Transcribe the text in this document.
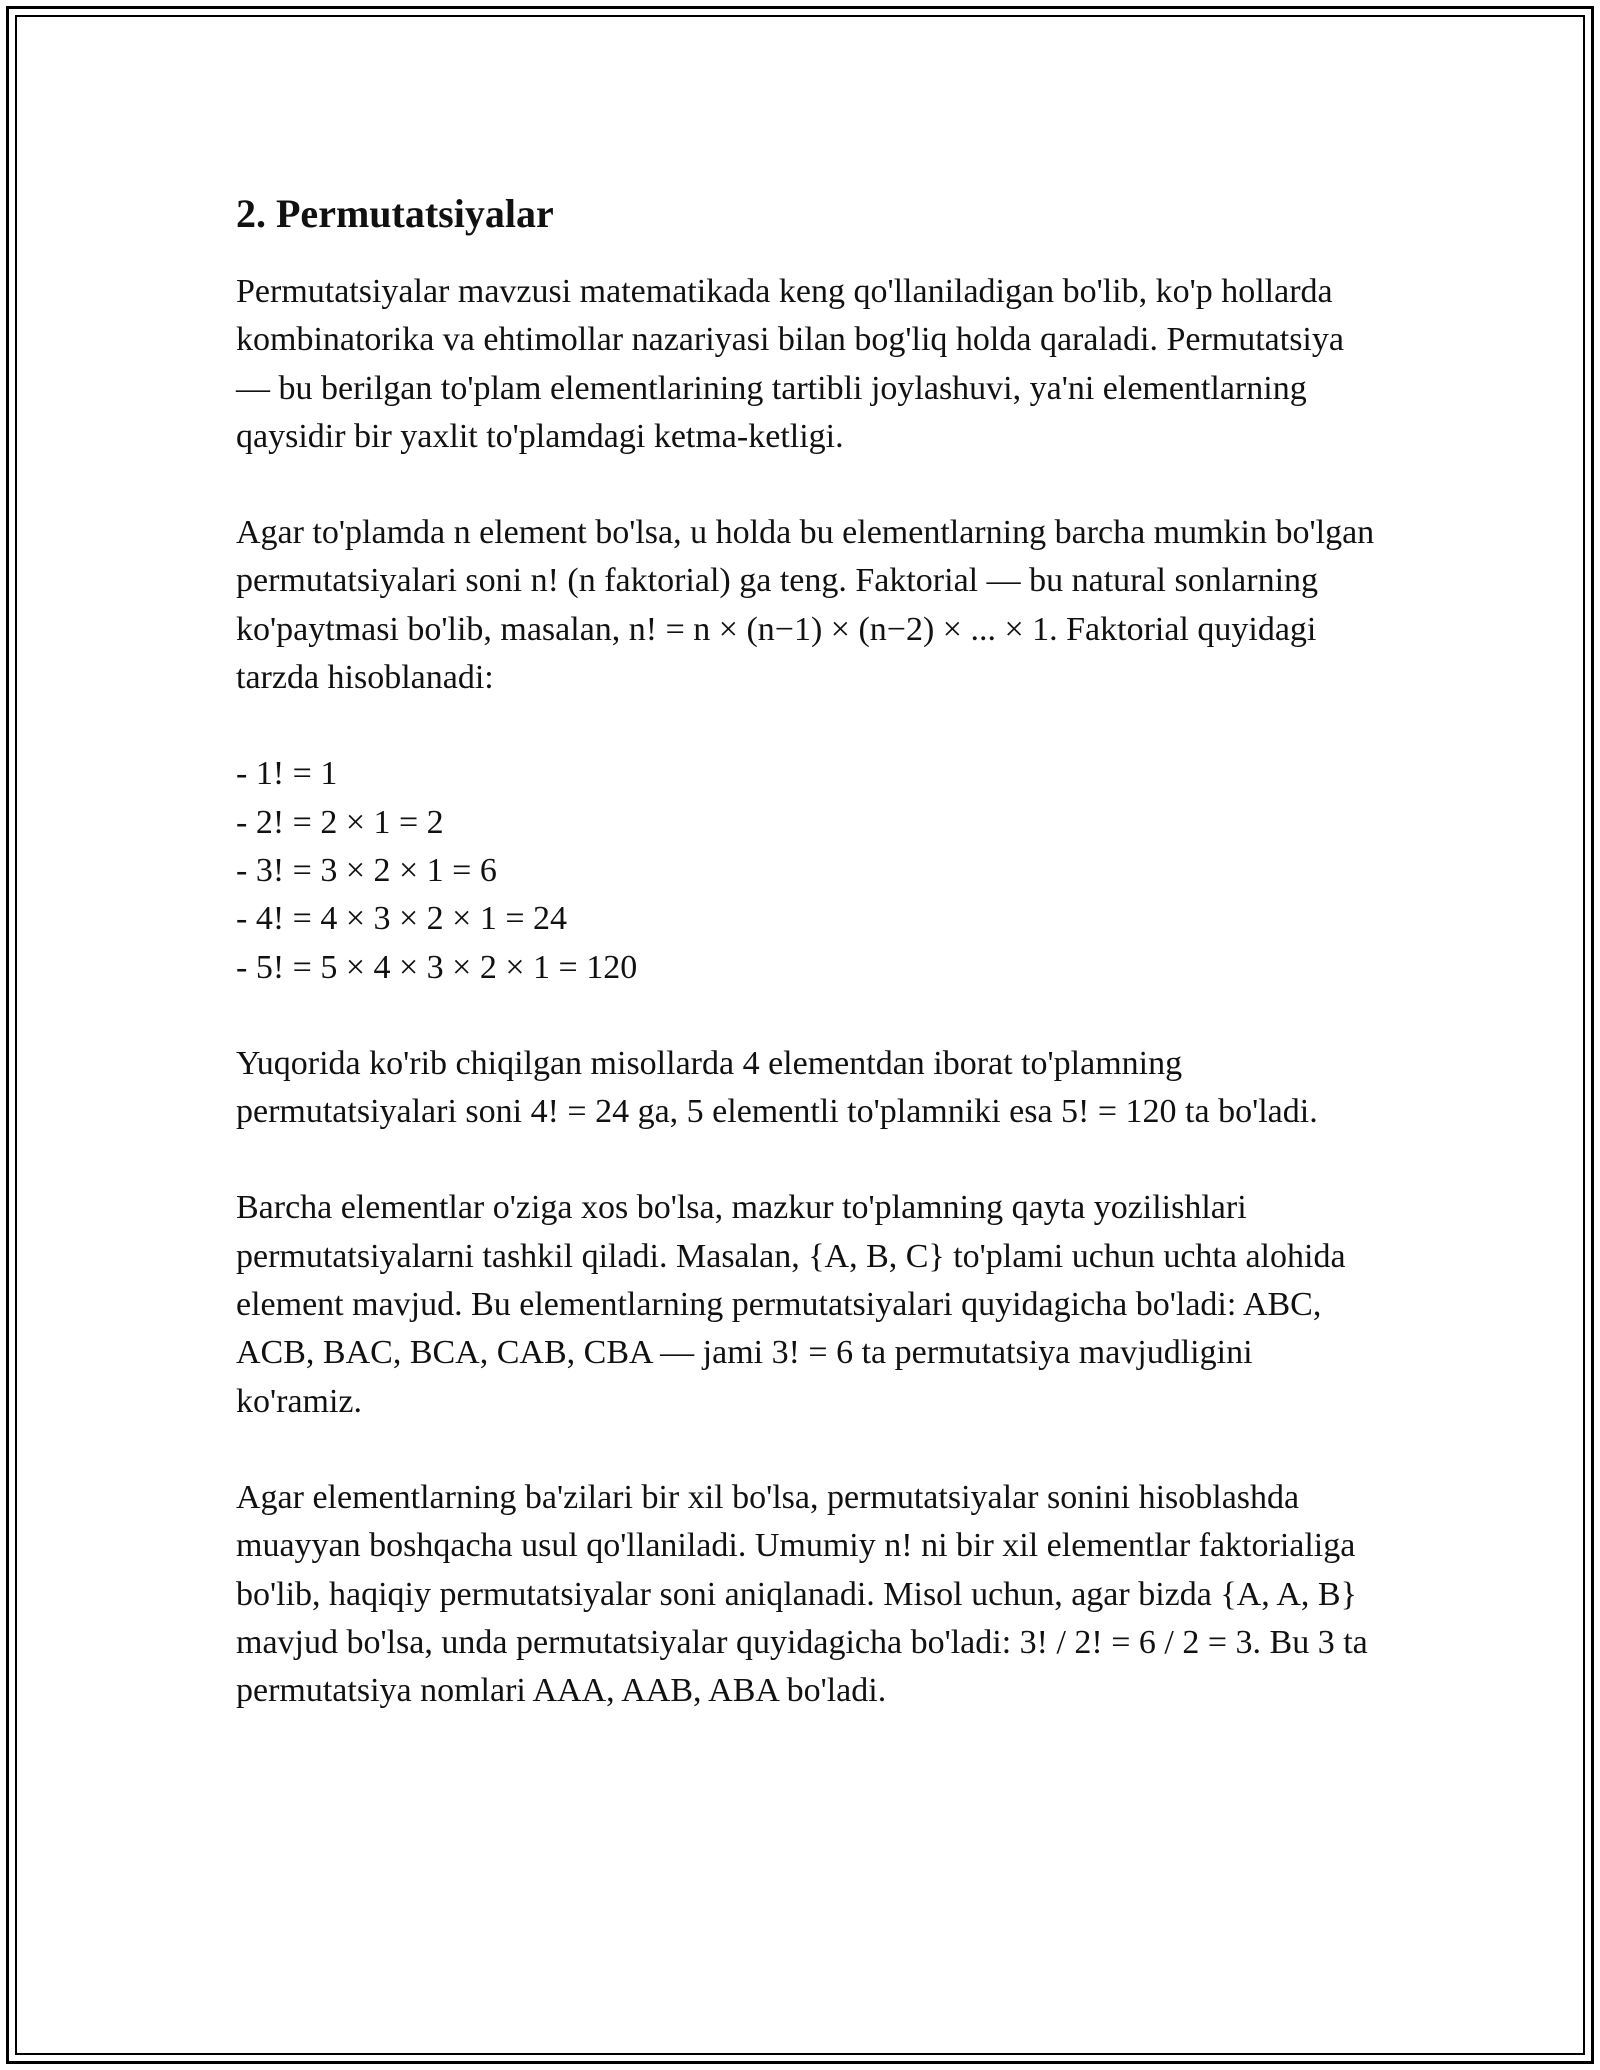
2. Permutatsiyalar

Permutatsiyalar mavzusi matematikada keng qo'llaniladigan bo'lib, ko'p hollarda kombinatorika va ehtimollar nazariyasi bilan bog'liq holda qaraladi. Permutatsiya — bu berilgan to'plam elementlarining tartibli joylashuvi, ya'ni elementlarning qaysidir bir yaxlit to'plamdagi ketma-ketligi.

Agar to'plamda n element bo'lsa, u holda bu elementlarning barcha mumkin bo'lgan permutatsiyalari soni n! (n faktorial) ga teng. Faktorial — bu natural sonlarning ko'paytmasi bo'lib, masalan, n! = n × (n−1) × (n−2) × ... × 1. Faktorial quyidagi tarzda hisoblanadi:

- 1! = 1
- 2! = 2 × 1 = 2
- 3! = 3 × 2 × 1 = 6
- 4! = 4 × 3 × 2 × 1 = 24
- 5! = 5 × 4 × 3 × 2 × 1 = 120

Yuqorida ko'rib chiqilgan misollarda 4 elementdan iborat to'plamning permutatsiyalari soni 4! = 24 ga, 5 elementli to'plamniki esa 5! = 120 ta bo'ladi.

Barcha elementlar o'ziga xos bo'lsa, mazkur to'plamning qayta yozilishlari permutatsiyalarni tashkil qiladi. Masalan, {A, B, C} to'plami uchun uchta alohida element mavjud. Bu elementlarning permutatsiyalari quyidagicha bo'ladi: ABC, ACB, BAC, BCA, CAB, CBA — jami 3! = 6 ta permutatsiya mavjudligini ko'ramiz.

Agar elementlarning ba'zilari bir xil bo'lsa, permutatsiyalar sonini hisoblashda muayyan boshqacha usul qo'llaniladi. Umumiy n! ni bir xil elementlar faktorialiga bo'lib, haqiqiy permutatsiyalar soni aniqlanadi. Misol uchun, agar bizda {A, A, B} mavjud bo'lsa, unda permutatsiyalar quyidagicha bo'ladi: 3! / 2! = 6 / 2 = 3. Bu 3 ta permutatsiya nomlari AAA, AAB, ABA bo'ladi.
